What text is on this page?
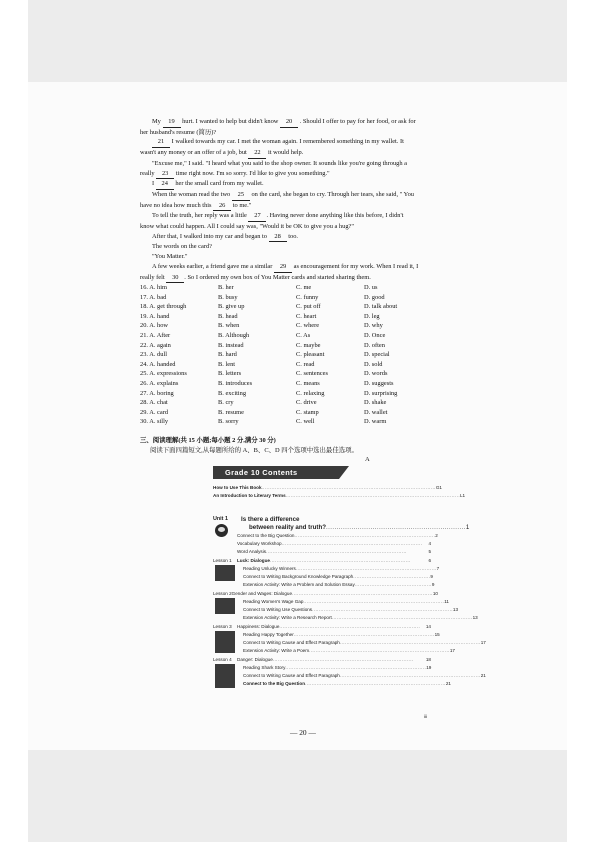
My 19 hurt. I wanted to help but didn't know 20 . Should I offer to pay for her food, or ask for

her husband's resume (简历)?

21 I walked towards my car. I met the woman again. I remembered something in my wallet. It

wasn't any money or an offer of a job, but 22 it would help.

"Excuse me," I said. "I heard what you said to the shop owner. It sounds like you're going through a

really 23 time right now. I'm so sorry. I'd like to give you something."

I 24 her the small card from my wallet.

When the woman read the two 25 on the card, she began to cry. Through her tears, she said, " You

have no idea how much this 26 to me."

To tell the truth, her reply was a little 27 . Having never done anything like this before, I didn't

know what could happen. All I could say was, "Would it be OK to give you a hug?"

After that, I walked into my car and began to 28 too.

The words on the card?

"You Matter."

A few weeks earlier, a friend gave me a similar 29 as encouragement for my work. When I read it, I

really felt 30 . So I ordered my own box of You Matter cards and started sharing them.

16. A. him	B. her	C. me	D. us
17. A. bad	B. busy	C. funny	D. good
18. A. get through	B. give up	C. put off	D. talk about
19. A. hand	B. head	C. heart	D. leg
20. A. how	B. when	C. where	D. why
21. A. After	B. Although	C. As	D. Once
22. A. again	B. instead	C. maybe	D. often
23. A. dull	B. hard	C. pleasant	D. special
24. A. handed	B. lent	C. read	D. sold
25. A. expressions	B. letters	C. sentences	D. words
26. A. explains	B. introduces	C. means	D. suggests
27. A. boring	B. exciting	C. relaxing	D. surprising
28. A. chat	B. cry	C. drive	D. shake
29. A. card	B. resume	C. stamp	D. wallet
30. A. silly	B. sorry	C. well	D. warm
三、阅读理解(共 15 小题;每小题 2 分,满分 30 分)
阅读下面四篇短文,从每题所给的 A、B、C、D 四个选项中选出最佳选项。
A
Grade 10 Contents
How to Use This Book ........................................................................................................ G1
An Introduction to Literary Terms ........................................................................................................ L1
Unit 1 Is there a difference
between reality and truth? .................................................................. 1
Connect to the Big Question .................................................................................... 2
Vocabulary Workshop ....................................................................................	4
Word Analysis ....................................................................................	5
Lesson 1	Luck: Dialogue ....................................................................................	6
Reading Unlucky Winners .................................................................................... 7
Connect to Writing Background Knowledge Paragraph .............................................. 9
Extension Activity: Write a Problem and Solution Essay .............................................. 9
Lesson 2 Gender and Wages: Dialogue .................................................................................... 10
Reading Women's Wage Gap .................................................................................... 11
Connect to Writing Use Questions .................................................................................... 13
Extension Activity: Write a Research Report .................................................................................... 13
Lesson 3	Happiness: Dialogue ....................................................................................	14
Reading Happy Together .................................................................................... 15
Connect to Writing Cause and Effect Paragraph .................................................................................... 17
Extension Activity: Write a Poem .................................................................................... 17
Lesson 4	Danger: Dialogue ....................................................................................	18
Reading Shark Story .................................................................................... 19
Connect to Writing Cause and Effect Paragraph .................................................................................... 21
Connect to the Big Question .................................................................................... 21
iii
— 20 —
